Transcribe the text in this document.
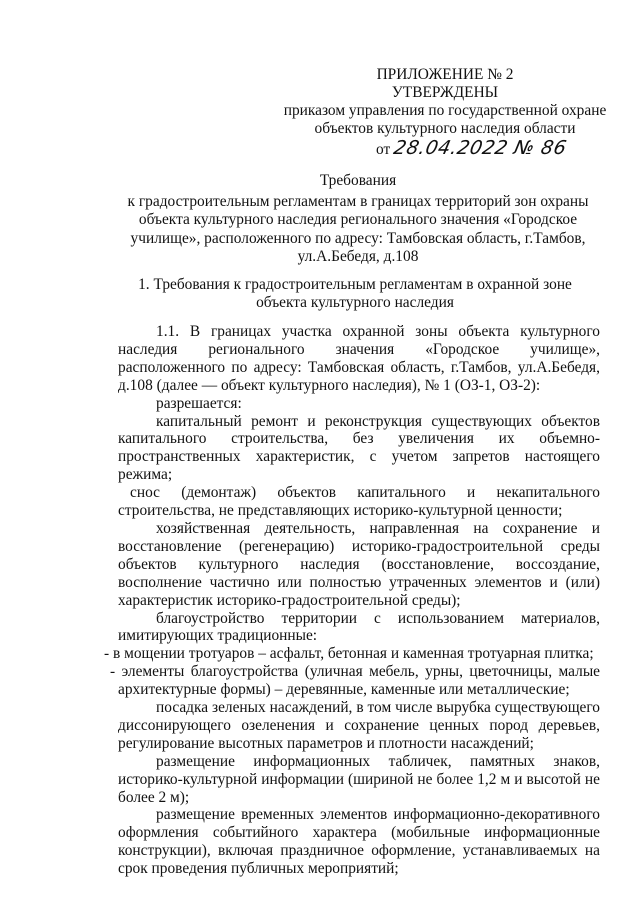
ПРИЛОЖЕНИЕ № 2
УТВЕРЖДЕНЫ
приказом управления по государственной охране
объектов культурного наследия области
от 28.04.2022 № 86
Требования
к градостроительным регламентам в границах территорий зон охраны
объекта культурного наследия регионального значения «Городское
училище», расположенного по адресу: Тамбовская область, г.Тамбов,
ул.А.Бебедя, д.108
1. Требования к градостроительным регламентам в охранной зоне
объекта культурного наследия

1.1. В границах участка охранной зоны объекта культурного наследия регионального значения «Городское училище», расположенного по адресу: Тамбовская область, г.Тамбов, ул.А.Бебедя, д.108 (далее — объект культурного наследия), № 1 (ОЗ-1, ОЗ-2):

разрешается:

капитальный ремонт и реконструкция существующих объектов капитального строительства, без увеличения их объемно-пространственных характеристик, с учетом запретов настоящего режима;

снос (демонтаж) объектов капитального и некапитального строительства, не представляющих историко-культурной ценности;

хозяйственная деятельность, направленная на сохранение и восстановление (регенерацию) историко-градостроительной среды объектов культурного наследия (восстановление, воссоздание, восполнение частично или полностью утраченных элементов и (или) характеристик историко-градостроительной среды);

благоустройство территории с использованием материалов, имитирующих традиционные:

- в мощении тротуаров – асфальт, бетонная и каменная тротуарная плитка;

- элементы благоустройства (уличная мебель, урны, цветочницы, малые архитектурные формы) – деревянные, каменные или металлические;

посадка зеленых насаждений, в том числе вырубка существующего диссонирующего озеленения и сохранение ценных пород деревьев, регулирование высотных параметров и плотности насаждений;

размещение информационных табличек, памятных знаков, историко-культурной информации (шириной не более 1,2 м и высотой не более 2 м);

размещение временных элементов информационно-декоративного оформления событийного характера (мобильные информационные конструкции), включая праздничное оформление, устанавливаемых на срок проведения публичных мероприятий;
